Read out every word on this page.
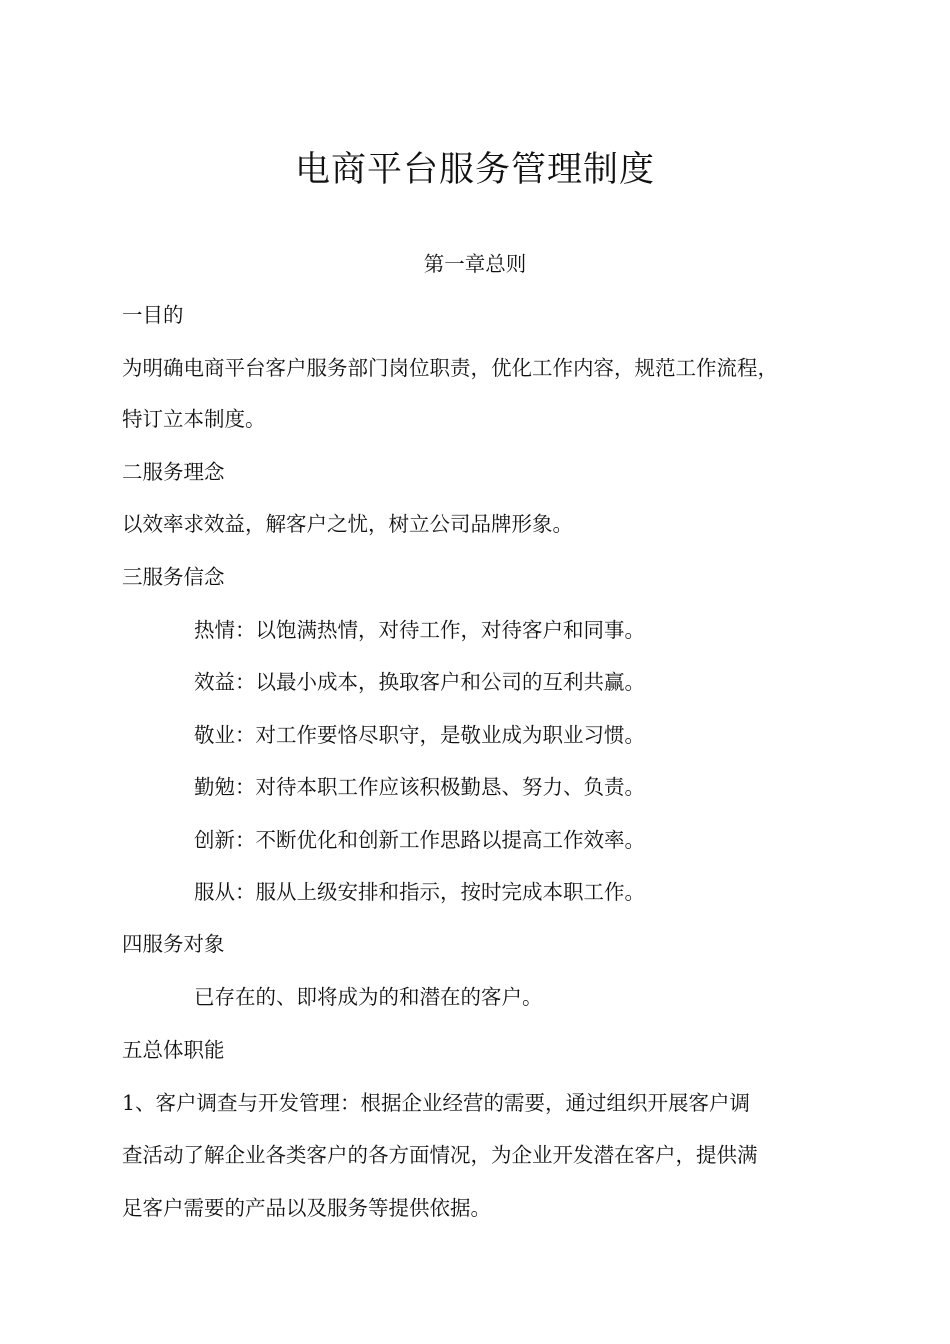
电商平台服务管理制度

第一章总则

一目的

为明确电商平台客户服务部门岗位职责，优化工作内容，规范工作流程，

特订立本制度。

二服务理念

以效率求效益，解客户之忧，树立公司品牌形象。

三服务信念

热情：以饱满热情，对待工作，对待客户和同事。

效益：以最小成本，换取客户和公司的互利共赢。

敬业：对工作要恪尽职守，是敬业成为职业习惯。

勤勉：对待本职工作应该积极勤恳、努力、负责。

创新：不断优化和创新工作思路以提高工作效率。

服从：服从上级安排和指示，按时完成本职工作。

四服务对象

已存在的、即将成为的和潜在的客户。

五总体职能

1、客户调查与开发管理：根据企业经营的需要，通过组织开展客户调

查活动了解企业各类客户的各方面情况，为企业开发潜在客户，提供满

足客户需要的产品以及服务等提供依据。
